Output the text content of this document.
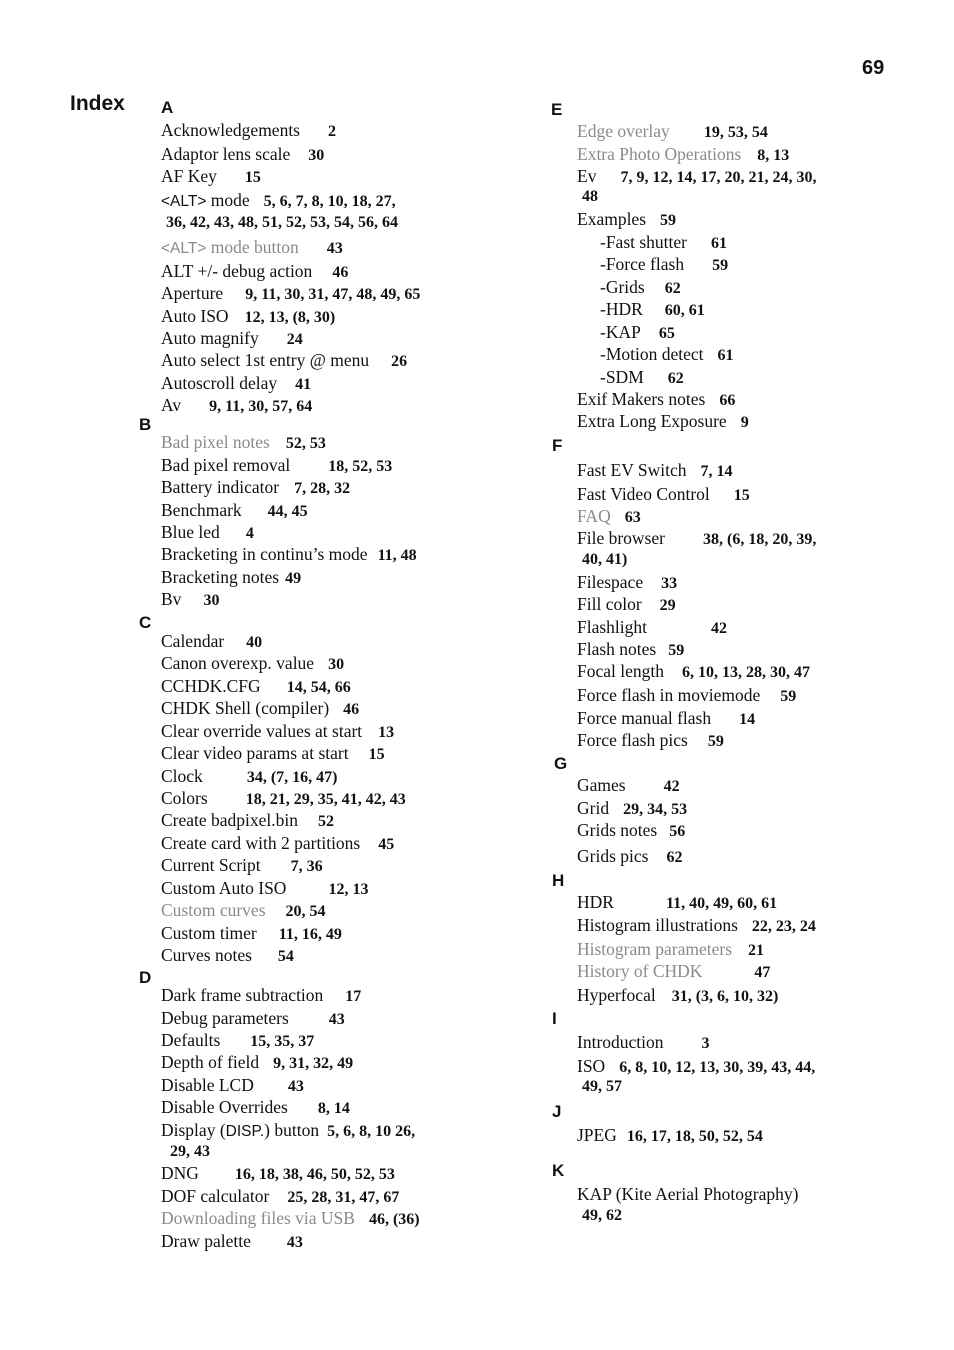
69
Index A
Acknowledgements 2
Adaptor lens scale 30
AF Key 15
<ALT> mode 5, 6, 7, 8, 10, 18, 27,
36, 42, 43, 48, 51, 52, 53, 54, 56, 64
<ALT> mode button 43
ALT +/- debug action 46
Aperture 9, 11, 30, 31, 47, 48, 49, 65
Auto ISO 12, 13, (8, 30)
Auto magnify 24
Auto select 1st entry @ menu 26
Autoscroll delay 41
Av 9, 11, 30, 57, 64
B
Bad pixel notes 52, 53
Bad pixel removal 18, 52, 53
Battery indicator 7, 28, 32
Benchmark 44, 45
Blue led 4
Bracketing in continu’s mode 11, 48
Bracketing notes 49
Bv 30
C
Calendar 40
Canon overexp. value 30
CCHDK.CFG 14, 54, 66
CHDK Shell (compiler) 46
Clear override values at start 13
Clear video params at start 15
Clock	34, (7, 16, 47)
Colors 18, 21, 29, 35, 41, 42, 43
Create badpixel.bin 52
Create card with 2 partitions 45
Current Script 7, 36
Custom Auto ISO	12, 13
Custom curves 20, 54
Custom timer 11, 16, 49
Curves notes 54
D
Dark frame subtraction 17
Debug parameters	43
Defaults 15, 35, 37
Depth of field 9, 31, 32, 49
Disable LCD 43
Disable Overrides 8, 14
Display (DISP.) button 5, 6, 8, 10 26,
29, 43
DNG 16, 18, 38, 46, 50, 52, 53
DOF calculator 25, 28, 31, 47, 67
Downloading files via USB 46, (36)
Draw palette 43
E
Edge overlay 19, 53, 54
Extra Photo Operations 8, 13
Ev 7, 9, 12, 14, 17, 20, 21, 24, 30,
48
Examples 59
-Fast shutter 61
-Force flash 59
-Grids 62
-HDR 60, 61
-KAP 65
-Motion detect 61
-SDM 62
Exif Makers notes 66
Extra Long Exposure 9
F
Fast EV Switch 7, 14
Fast Video Control 15
FAQ 63
File browser 38, (6, 18, 20, 39,
40, 41)
Filespace 33
Fill color 29
Flashlight	42
Flash notes 59
Focal length 6, 10, 13, 28, 30, 47
Force flash in moviemode 59
Force manual flash 14
Force flash pics 59
G
Games 42
Grid 29, 34, 53
Grids notes 56
Grids pics 62
H
HDR	11, 40, 49, 60, 61
Histogram illustrations 22, 23, 24
Histogram parameters 21
History of CHDK	47
Hyperfocal 31, (3, 6, 10, 32)
I
Introduction 3
ISO 6, 8, 10, 12, 13, 30, 39, 43, 44,
49, 57
J
JPEG 16, 17, 18, 50, 52, 54
K
KAP (Kite Aerial Photography)
49, 62
